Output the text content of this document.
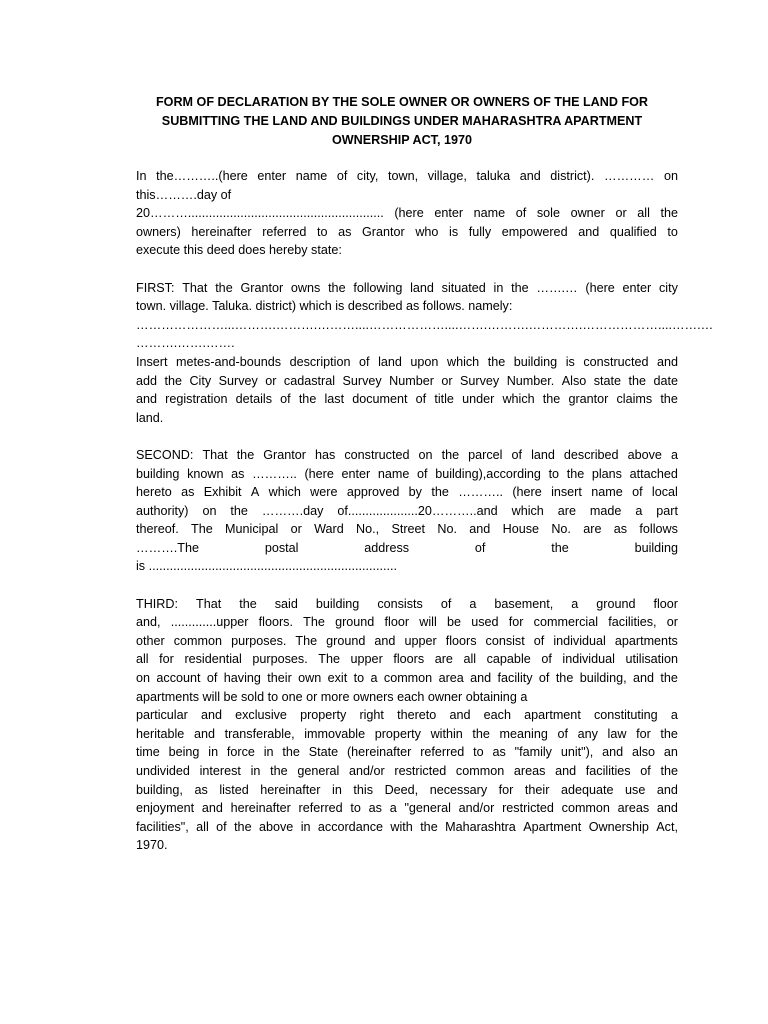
FORM OF DECLARATION BY THE SOLE OWNER OR OWNERS OF THE LAND FOR
SUBMITTING THE LAND AND BUILDINGS UNDER MAHARASHTRA APARTMENT
OWNERSHIP ACT, 1970
In the………..(here enter name of city, town, village, taluka and district). ………… on
this……….day of
20………........................................................ (here enter name of sole owner or all the
owners) hereinafter referred to as Grantor who is fully empowered and qualified to
execute this deed does hereby state:
FIRST: That the Grantor owns the following land situated in the …….… (here enter city
town. village. Taluka. district) which is described as follows. namely:
…………………...……….……….………....………………....…….……….………….………………....…….…
……….…….…….
Insert metes-and-bounds description of land upon which the building is constructed and
add the City Survey or cadastral Survey Number or Survey Number. Also state the date
and registration details of the last document of title under which the grantor claims the
land.
SECOND: That the Grantor has constructed on the parcel of land described above a
building known as ……….. (here enter name of building),according to the plans attached
hereto as Exhibit A which were approved by the ……….. (here insert name of local
authority) on the ……….day of....................20………..and which are made a part
thereof. The Municipal or Ward No., Street No. and House No. are as follows
……….The	postal	address	of	the	building
is .......................................................................
THIRD: That the said building consists of a basement, a ground floor
and, .............upper floors. The ground floor will be used for commercial facilities, or
other common purposes. The ground and upper floors consist of individual apartments
all for residential purposes. The upper floors are all capable of individual utilisation
on account of having their own exit to a common area and facility of the building, and the
apartments will be sold to one or more owners each owner obtaining a
particular and exclusive property right thereto and each apartment constituting a
heritable and transferable, immovable property within the meaning of any law for the
time being in force in the State (hereinafter referred to as "family unit"), and also an
undivided interest in the general and/or restricted common areas and facilities of the
building, as listed hereinafter in this Deed, necessary for their adequate use and
enjoyment and hereinafter referred to as a "general and/or restricted common areas and
facilities", all of the above in accordance with the Maharashtra Apartment Ownership Act,
1970.
